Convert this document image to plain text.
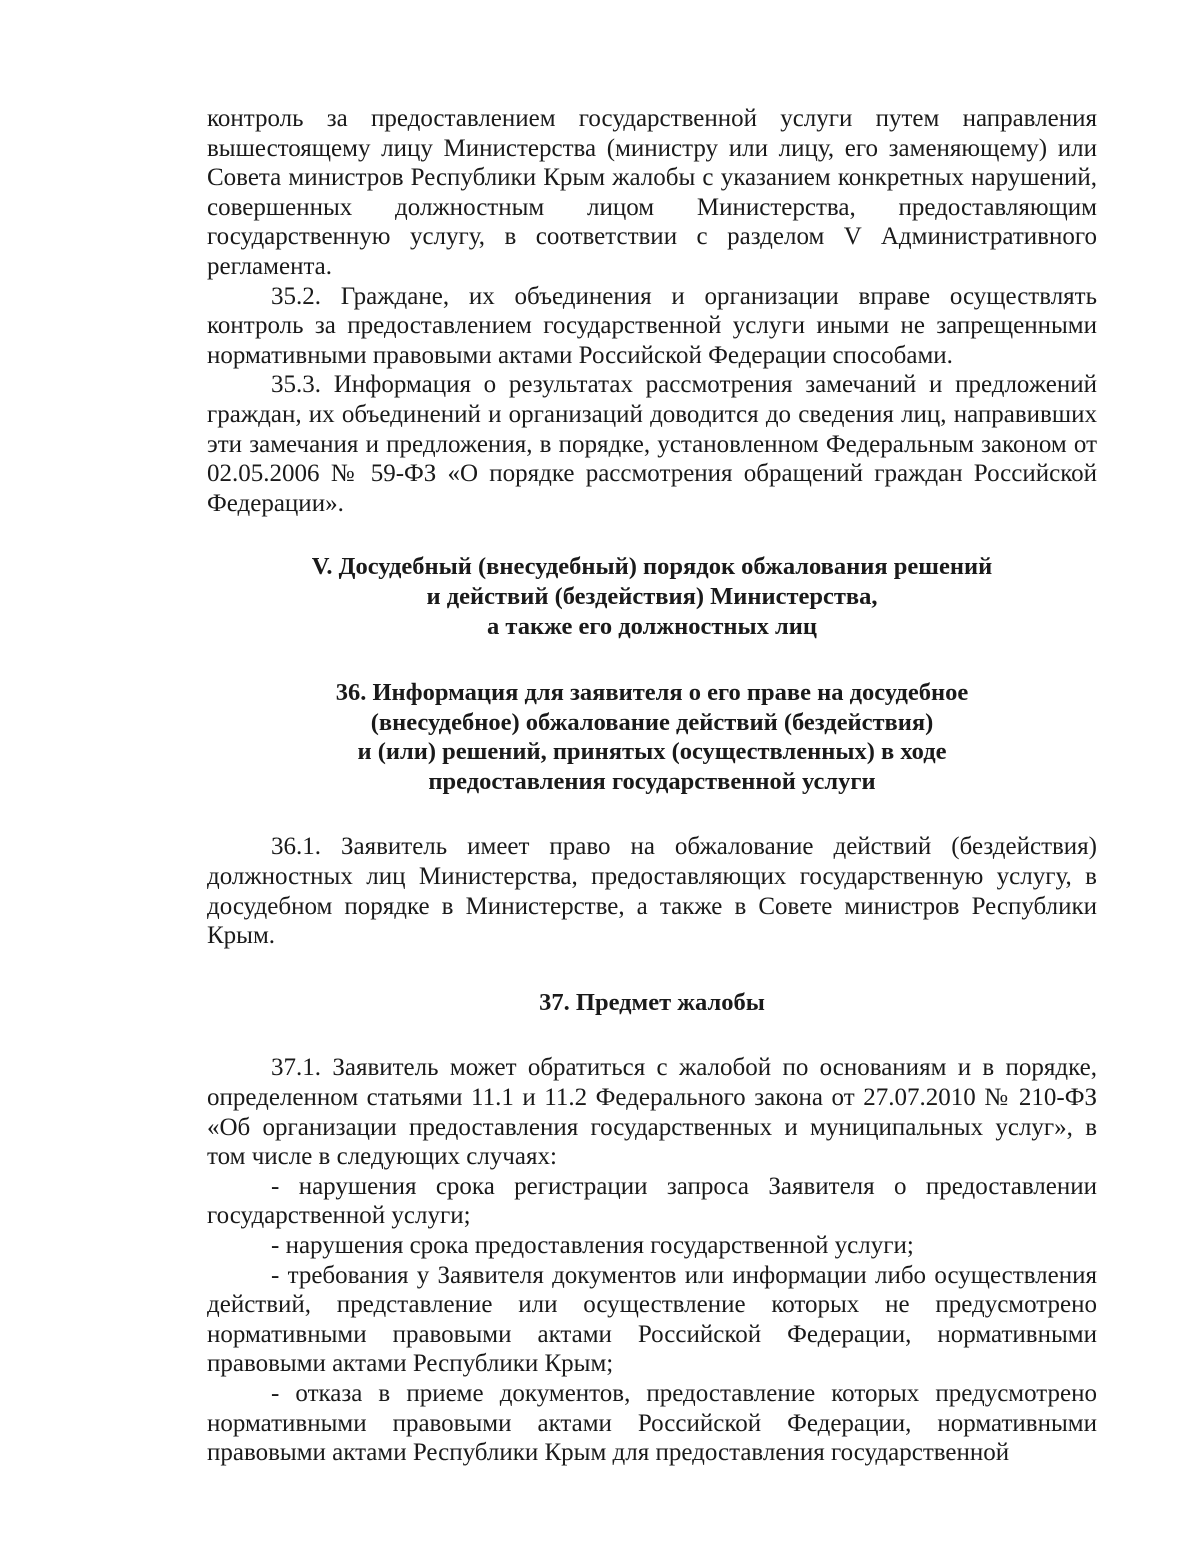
контроль за предоставлением государственной услуги путем направления вышестоящему лицу Министерства (министру или лицу, его заменяющему) или Совета министров Республики Крым жалобы с указанием конкретных нарушений, совершенных должностным лицом Министерства, предоставляющим государственную услугу, в соответствии с разделом V Административного регламента.

35.2. Граждане, их объединения и организации вправе осуществлять контроль за предоставлением государственной услуги иными не запрещенными нормативными правовыми актами Российской Федерации способами.

35.3. Информация о результатах рассмотрения замечаний и предложений граждан, их объединений и организаций доводится до сведения лиц, направивших эти замечания и предложения, в порядке, установленном Федеральным законом от 02.05.2006 № 59-ФЗ «О порядке рассмотрения обращений граждан Российской Федерации».

V. Досудебный (внесудебный) порядок обжалования решений
и действий (бездействия) Министерства,
а также его должностных лиц
36. Информация для заявителя о его праве на досудебное
(внесудебное) обжалование действий (бездействия)
и (или) решений, принятых (осуществленных) в ходе
предоставления государственной услуги

36.1. Заявитель имеет право на обжалование действий (бездействия) должностных лиц Министерства, предоставляющих государственную услугу, в досудебном порядке в Министерстве, а также в Совете министров Республики Крым.

37. Предмет жалобы

37.1. Заявитель может обратиться с жалобой по основаниям и в порядке, определенном статьями 11.1 и 11.2 Федерального закона от 27.07.2010 № 210-ФЗ «Об организации предоставления государственных и муниципальных услуг», в том числе в следующих случаях:

- нарушения срока регистрации запроса Заявителя о предоставлении государственной услуги;

- нарушения срока предоставления государственной услуги;

- требования у Заявителя документов или информации либо осуществления действий, представление или осуществление которых не предусмотрено нормативными правовыми актами Российской Федерации, нормативными правовыми актами Республики Крым;

- отказа в приеме документов, предоставление которых предусмотрено нормативными правовыми актами Российской Федерации, нормативными правовыми актами Республики Крым для предоставления государственной
